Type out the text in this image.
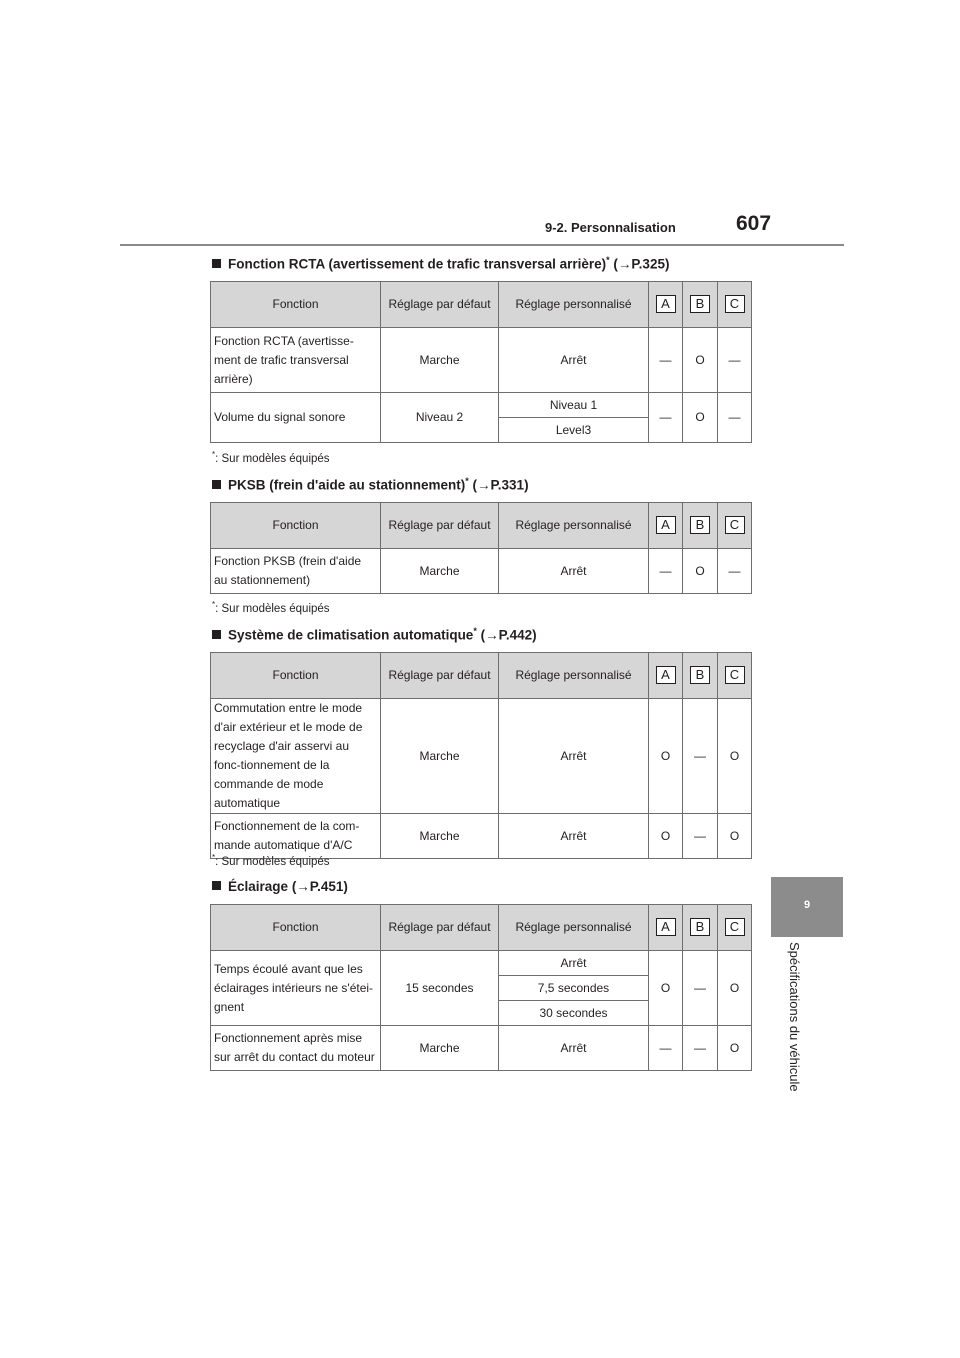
9-2. Personnalisation	607
9
Spécifications du véhicule
Fonction RCTA (avertissement de trafic transversal arrière)* (→P.325)
Fonction	Réglage par défaut	Réglage personnalisé	A	B	C
Fonction RCTA (avertisse-ment de trafic transversal arrière)	Marche	Arrêt	—	O	—
Volume du signal sonore	Niveau 2	Niveau 1	—	O	—
		Level3			
*: Sur modèles équipés
PKSB (frein d'aide au stationnement)* (→P.331)
Fonction	Réglage par défaut	Réglage personnalisé	A	B	C
Fonction PKSB (frein d'aide au stationnement)	Marche	Arrêt	—	O	—
*: Sur modèles équipés
Système de climatisation automatique* (→P.442)
Fonction	Réglage par défaut	Réglage personnalisé	A	B	C
Commutation entre le mode d'air extérieur et le mode de recyclage d'air asservi au fonc-tionnement de la commande de mode automatique	Marche	Arrêt	O	—	O
Fonctionnement de la com-mande automatique d'A/C	Marche	Arrêt	O	—	O
*: Sur modèles équipés
Éclairage (→P.451)
Fonction	Réglage par défaut	Réglage personnalisé	A	B	C
Temps écoulé avant que les éclairages intérieurs ne s'étei-gnent	15 secondes	Arrêt	O	—	O
		7,5 secondes			
		30 secondes			
Fonctionnement après mise sur arrêt du contact du moteur	Marche	Arrêt	—	—	O
